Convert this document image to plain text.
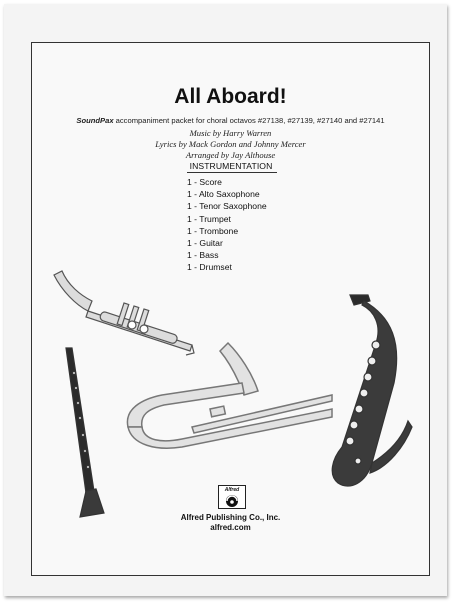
All Aboard!
SoundPax accompaniment packet for choral octavos #27138, #27139, #27140 and #27141
Music by Harry Warren
Lyrics by Mack Gordon and Johnny Mercer
Arranged by Jay Althouse
INSTRUMENTATION
1 - Score
1 - Alto Saxophone
1 - Tenor Saxophone
1 - Trumpet
1 - Trombone
1 - Guitar
1 - Bass
1 - Drumset
Alfred
Alfred Publishing Co., Inc.
alfred.com
